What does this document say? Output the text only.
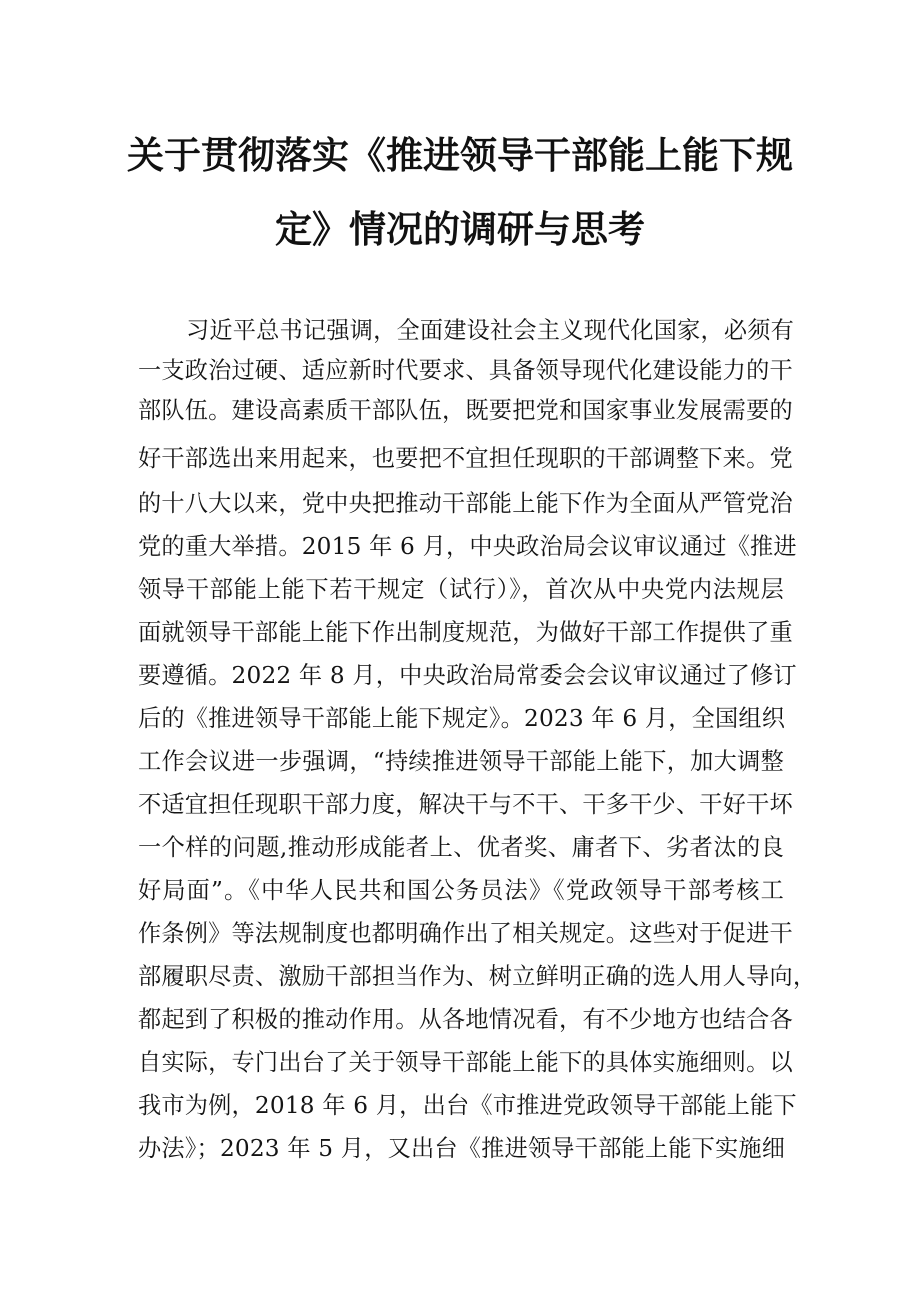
关于贯彻落实《推进领导干部能上能下规
定》情况的调研与思考
习近平总书记强调，全面建设社会主义现代化国家，必须有
一支政治过硬、适应新时代要求、具备领导现代化建设能力的干
部队伍。建设高素质干部队伍，既要把党和国家事业发展需要的
好干部选出来用起来，也要把不宜担任现职的干部调整下来。党
的十八大以来，党中央把推动干部能上能下作为全面从严管党治
党的重大举措。2015 年 6 月，中央政治局会议审议通过《推进
领导干部能上能下若干规定（试行）》，首次从中央党内法规层
面就领导干部能上能下作出制度规范，为做好干部工作提供了重
要遵循。2022 年 8 月，中央政治局常委会会议审议通过了修订
后的《推进领导干部能上能下规定》。2023 年 6 月，全国组织
工作会议进一步强调，“持续推进领导干部能上能下，加大调整
不适宜担任现职干部力度，解决干与不干、干多干少、干好干坏
一个样的问题,推动形成能者上、优者奖、庸者下、劣者汰的良
好局面”。《中华人民共和国公务员法》《党政领导干部考核工
作条例》等法规制度也都明确作出了相关规定。这些对于促进干
部履职尽责、激励干部担当作为、树立鲜明正确的选人用人导向，
都起到了积极的推动作用。从各地情况看，有不少地方也结合各
自实际，专门出台了关于领导干部能上能下的具体实施细则。以
我市为例，2018 年 6 月，出台《市推进党政领导干部能上能下
办法》；2023 年 5 月，又出台《推进领导干部能上能下实施细
